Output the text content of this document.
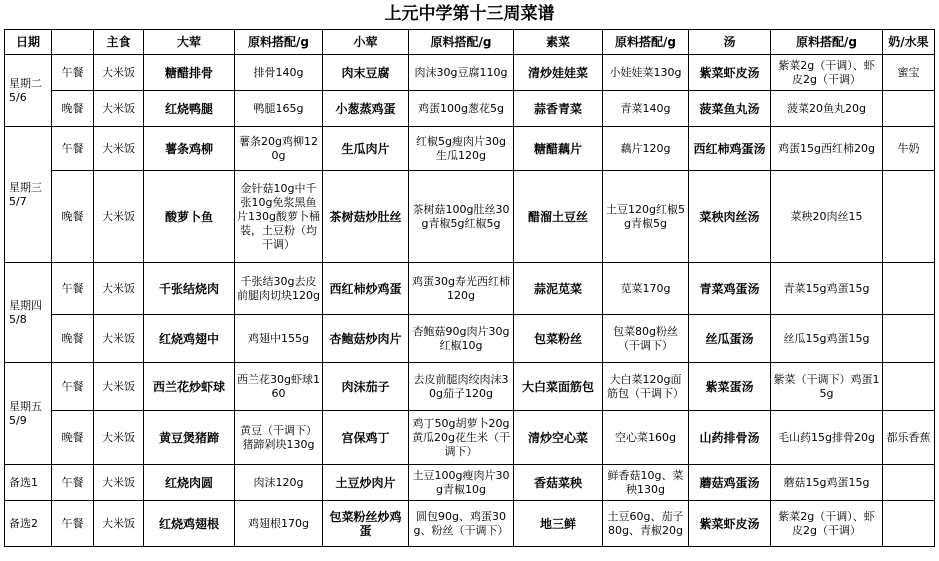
上元中学第十三周菜谱
日期		主食	大荤	原料搭配/g	小荤	原料搭配/g	素菜	原料搭配/g	汤	原料搭配/g	奶/水果
星期二
5/6	午餐	大米饭	糖醋排骨	排骨140g	肉末豆腐	肉沫30g豆腐110g	清炒娃娃菜	小娃娃菜130g	紫菜虾皮汤	紫菜2g（干调）、虾皮2g（干调）	蜜宝
	晚餐	大米饭	红烧鸭腿	鸭腿165g	小葱蒸鸡蛋	鸡蛋100g葱花5g	蒜香青菜	青菜140g	菠菜鱼丸汤	菠菜20鱼丸20g	
星期三
5/7	午餐	大米饭	薯条鸡柳	薯条20g鸡柳120g	生瓜肉片	红椒5g瘦肉片30g生瓜120g	糖醋藕片	藕片120g	西红柿鸡蛋汤	鸡蛋15g西红柿20g	牛奶
	晚餐	大米饭	酸萝卜鱼	金针菇10g中千张10g免浆黑鱼片130g酸萝卜桶装，土豆粉（均干调）	茶树菇炒肚丝	茶树菇100g肚丝30g青椒5g红椒5g	醋溜土豆丝	土豆120g红椒5g青椒5g	菜秧肉丝汤	菜秧20肉丝15	
星期四
5/8	午餐	大米饭	千张结烧肉	千张结30g去皮前腿肉切块120g	西红柿炒鸡蛋	鸡蛋30g寿光西红柿120g	蒜泥苋菜	苋菜170g	青菜鸡蛋汤	青菜15g鸡蛋15g	
	晚餐	大米饭	红烧鸡翅中	鸡翅中155g	杏鲍菇炒肉片	杏鲍菇90g肉片30g红椒10g	包菜粉丝	包菜80g粉丝（干调下）	丝瓜蛋汤	丝瓜15g鸡蛋15g	
星期五
5/9	午餐	大米饭	西兰花炒虾球	西兰花30g虾球160	肉沫茄子	去皮前腿肉绞肉沫30g茄子120g	大白菜面筋包	大白菜120g面筋包（干调下）	紫菜蛋汤	紫菜（干调下）鸡蛋15g	
	晚餐	大米饭	黄豆煲猪蹄	黄豆（干调下）猪蹄剁块130g	宫保鸡丁	鸡丁50g胡萝卜20g黄瓜20g花生米（干调下）	清炒空心菜	空心菜160g	山药排骨汤	毛山药15g排骨20g	都乐香蕉
备选1	午餐	大米饭	红烧肉圆	肉沫120g	土豆炒肉片	土豆100g瘦肉片30g青椒10g	香菇菜秧	鲜香菇10g、菜秧130g	蘑菇鸡蛋汤	蘑菇15g鸡蛋15g	
备选2	午餐	大米饭	红烧鸡翅根	鸡翅根170g	包菜粉丝炒鸡蛋	圆包90g、鸡蛋30g、粉丝（干调下）	地三鲜	土豆60g、茄子80g、青椒20g	紫菜虾皮汤	紫菜2g（干调）、虾皮2g（干调）	
